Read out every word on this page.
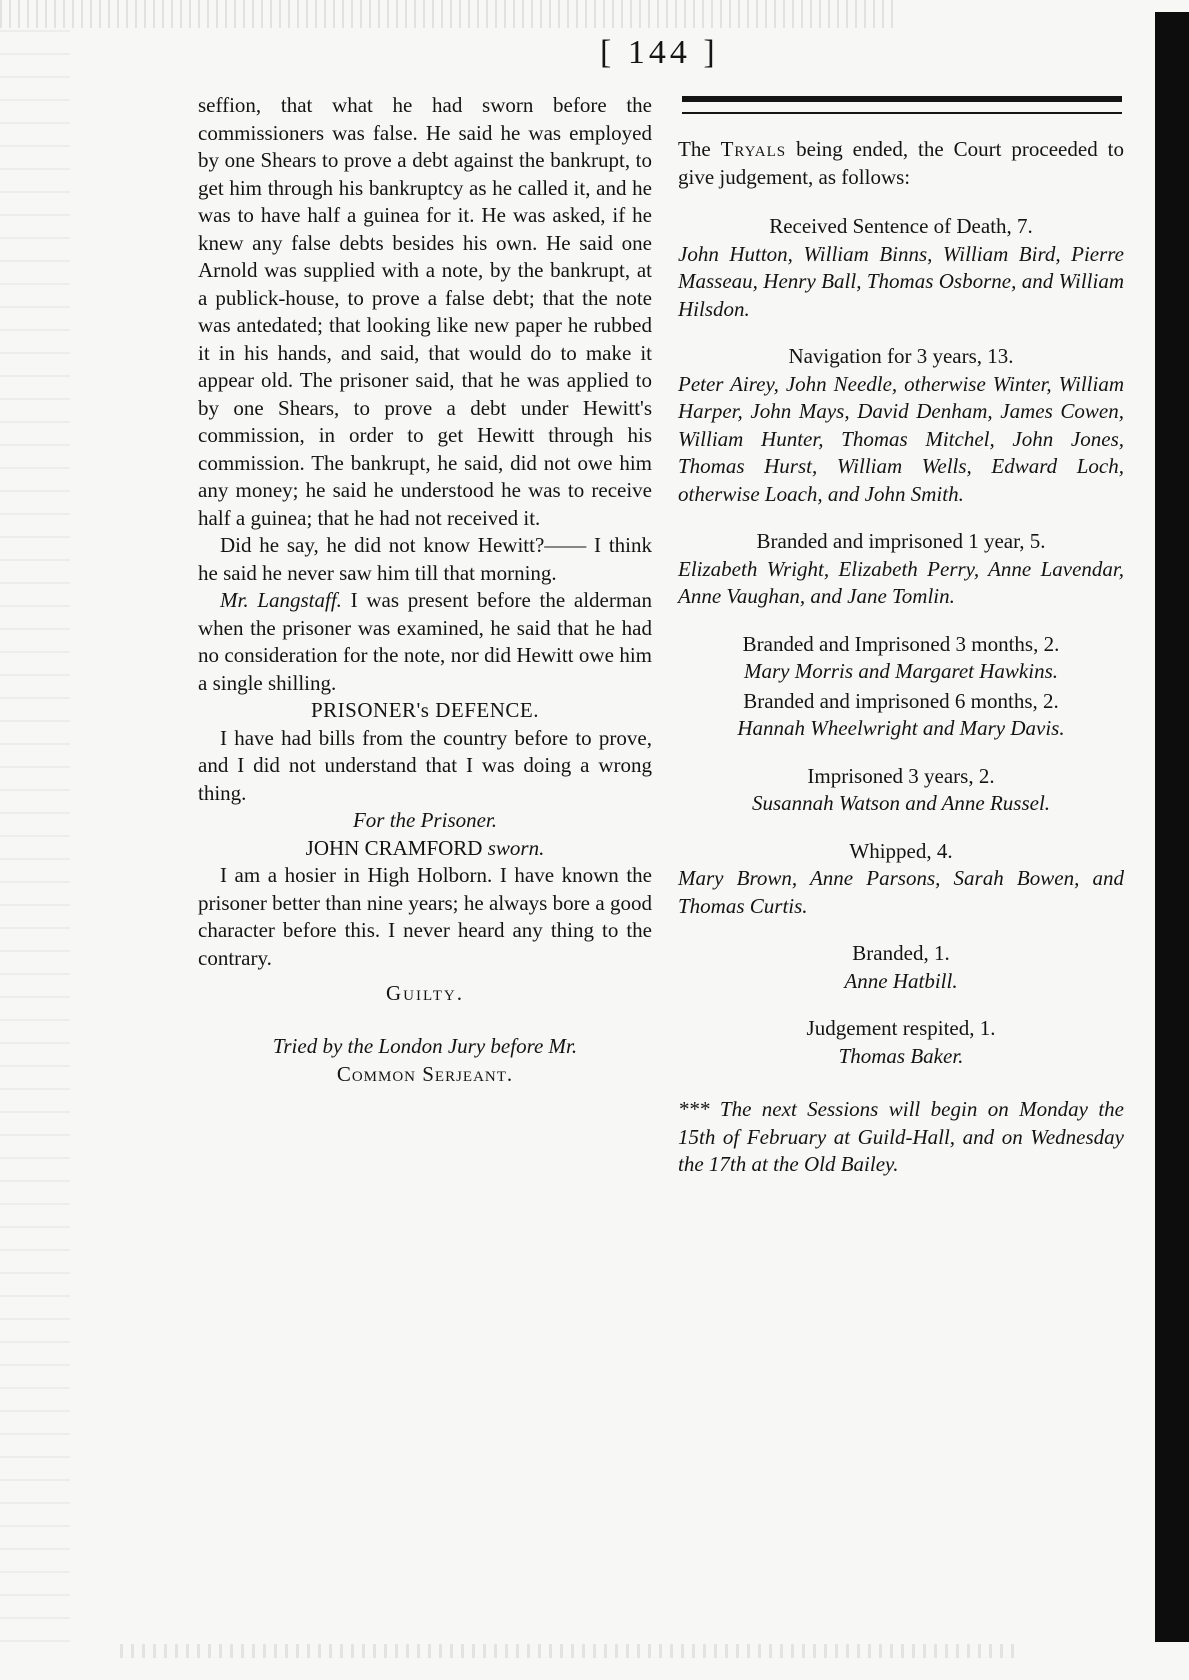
[ 144 ]

seffion, that what he had sworn before the commissioners was false. He said he was employed by one Shears to prove a debt against the bankrupt, to get him through his bankruptcy as he called it, and he was to have half a guinea for it. He was asked, if he knew any false debts besides his own. He said one Arnold was supplied with a note, by the bankrupt, at a publick-house, to prove a false debt; that the note was antedated; that looking like new paper he rubbed it in his hands, and said, that would do to make it appear old. The prisoner said, that he was applied to by one Shears, to prove a debt under Hewitt's commission, in order to get Hewitt through his commission. The bankrupt, he said, did not owe him any money; he said he understood he was to receive half a guinea; that he had not received it.

Did he say, he did not know Hewitt?—— I think he said he never saw him till that morning.

Mr. Langstaff. I was present before the alderman when the prisoner was examined, he said that he had no consideration for the note, nor did Hewitt owe him a single shilling.

PRISONER's DEFENCE.

I have had bills from the country before to prove, and I did not understand that I was doing a wrong thing.

For the Prisoner.

JOHN CRAMFORD sworn.

I am a hosier in High Holborn. I have known the prisoner better than nine years; he always bore a good character before this. I never heard any thing to the contrary.

Guilty.

Tried by the London Jury before Mr.
Common Serjeant.

The Tryals being ended, the Court proceeded to give judgement, as follows:

Received Sentence of Death, 7.

John Hutton, William Binns, William Bird, Pierre Masseau, Henry Ball, Thomas Osborne, and William Hilsdon.

Navigation for 3 years, 13.

Peter Airey, John Needle, otherwise Winter, William Harper, John Mays, David Denham, James Cowen, William Hunter, Thomas Mitchel, John Jones, Thomas Hurst, William Wells, Edward Loch, otherwise Loach, and John Smith.

Branded and imprisoned 1 year, 5.

Elizabeth Wright, Elizabeth Perry, Anne Lavendar, Anne Vaughan, and Jane Tomlin.

Branded and Imprisoned 3 months, 2.

Mary Morris and Margaret Hawkins.

Branded and imprisoned 6 months, 2.

Hannah Wheelwright and Mary Davis.

Imprisoned 3 years, 2.

Susannah Watson and Anne Russel.

Whipped, 4.

Mary Brown, Anne Parsons, Sarah Bowen, and Thomas Curtis.

Branded, 1.

Anne Hatbill.

Judgement respited, 1.

Thomas Baker.

*** The next Sessions will begin on Monday the 15th of February at Guild-Hall, and on Wednesday the 17th at the Old Bailey.
